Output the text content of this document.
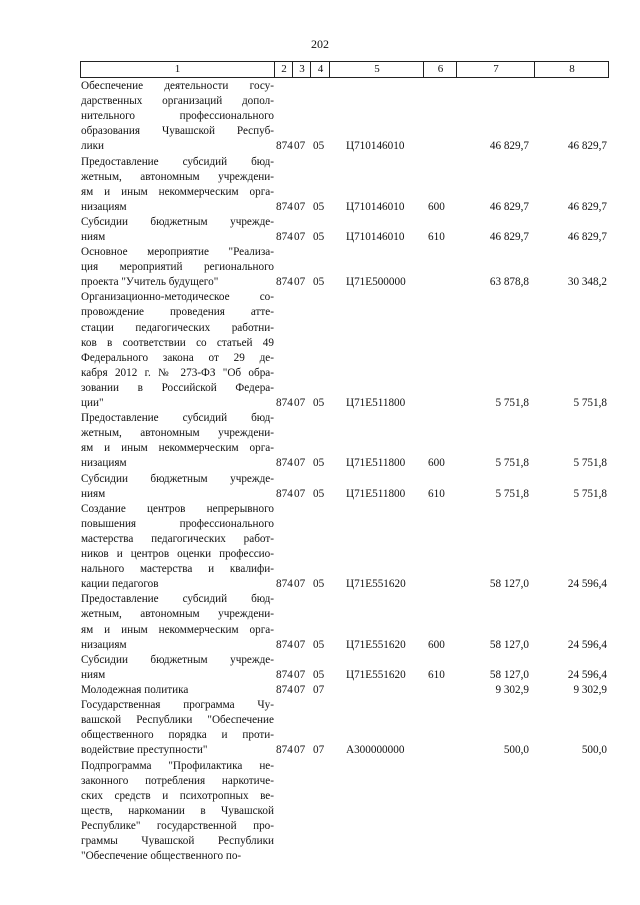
202
1	2	3	4	5	6	7	8
Обеспечение деятельности госу-
дарственных организаций допол-
нительного профессионального
образования Чувашской Респуб-
лики	874 07 05 Ц710146010	46 829,7	46 829,7
Предоставление субсидий бюд-
жетным, автономным учреждени-
ям и иным некоммерческим орга-
низациям	874 07 05 Ц710146010 600	46 829,7	46 829,7
Субсидии бюджетным учрежде-
ниям	874 07 05 Ц710146010 610	46 829,7	46 829,7
Основное мероприятие "Реализа-
ция мероприятий регионального
проекта "Учитель будущего"	874 07 05 Ц71Е500000	63 878,8	30 348,2
Организационно-методическое со-
провождение проведения атте-
стации педагогических работни-
ков в соответствии со статьей 49
Федерального закона от 29 де-
кабря 2012 г. № 273-ФЗ "Об обра-
зовании в Российской Федера-
ции"	874 07 05 Ц71Е511800	5 751,8	5 751,8
Предоставление субсидий бюд-
жетным, автономным учреждени-
ям и иным некоммерческим орга-
низациям	874 07 05 Ц71Е511800 600	5 751,8	5 751,8
Субсидии бюджетным учрежде-
ниям	874 07 05 Ц71Е511800 610	5 751,8	5 751,8
Создание центров непрерывного
повышения профессионального
мастерства педагогических работ-
ников и центров оценки профессио-
нального мастерства и квалифи-
кации педагогов	874 07 05 Ц71Е551620	58 127,0	24 596,4
Предоставление субсидий бюд-
жетным, автономным учреждени-
ям и иным некоммерческим орга-
низациям	874 07 05 Ц71Е551620 600	58 127,0	24 596,4
Субсидии бюджетным учрежде-
ниям	874 07 05 Ц71Е551620 610	58 127,0	24 596,4
Молодежная политика	874 07 07	9 302,9	9 302,9
Государственная программа Чу-
вашской Республики "Обеспечение
общественного порядка и проти-
водействие преступности"	874 07 07 А300000000	500,0	500,0
Подпрограмма "Профилактика не-
законного потребления наркотиче-
ских средств и психотропных ве-
ществ, наркомании в Чувашской
Республике" государственной про-
граммы Чувашской Республики
"Обеспечение общественного по-
